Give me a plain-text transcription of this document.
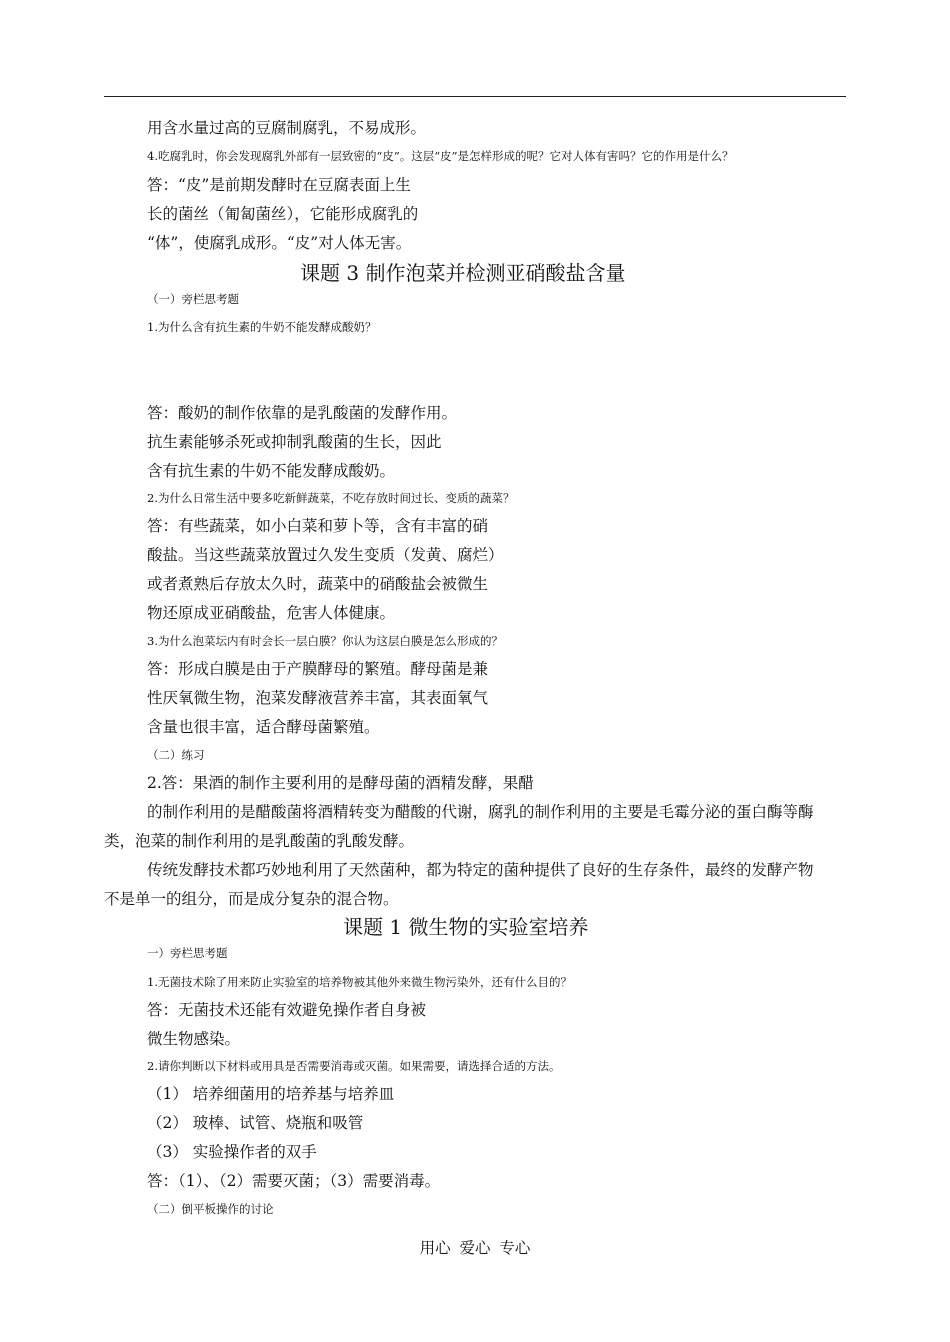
用含水量过高的豆腐制腐乳，不易成形。
4.吃腐乳时，你会发现腐乳外部有一层致密的“皮”。这层“皮”是怎样形成的呢？它对人体有害吗？它的作用是什么？
答：“皮”是前期发酵时在豆腐表面上生
长的菌丝（匍匐菌丝），它能形成腐乳的
“体”，使腐乳成形。“皮”对人体无害。
课题 3 制作泡菜并检测亚硝酸盐含量
（一）旁栏思考题
1.为什么含有抗生素的牛奶不能发酵成酸奶？
答：酸奶的制作依靠的是乳酸菌的发酵作用。
抗生素能够杀死或抑制乳酸菌的生长，因此
含有抗生素的牛奶不能发酵成酸奶。
2.为什么日常生活中要多吃新鲜蔬菜，不吃存放时间过长、变质的蔬菜？
答：有些蔬菜，如小白菜和萝卜等，含有丰富的硝
酸盐。当这些蔬菜放置过久发生变质（发黄、腐烂）
或者煮熟后存放太久时，蔬菜中的硝酸盐会被微生
物还原成亚硝酸盐，危害人体健康。
3.为什么泡菜坛内有时会长一层白膜？你认为这层白膜是怎么形成的？
答：形成白膜是由于产膜酵母的繁殖。酵母菌是兼
性厌氧微生物，泡菜发酵液营养丰富，其表面氧气
含量也很丰富，适合酵母菌繁殖。
（二）练习
2.答：果酒的制作主要利用的是酵母菌的酒精发酵，果醋
的制作利用的是醋酸菌将酒精转变为醋酸的代谢，腐乳的制作利用的主要是毛霉分泌的蛋白酶等酶
类，泡菜的制作利用的是乳酸菌的乳酸发酵。
传统发酵技术都巧妙地利用了天然菌种，都为特定的菌种提供了良好的生存条件，最终的发酵产物
不是单一的组分，而是成分复杂的混合物。
课题 1 微生物的实验室培养
一）旁栏思考题
1.无菌技术除了用来防止实验室的培养物被其他外来微生物污染外，还有什么目的？
答：无菌技术还能有效避免操作者自身被
微生物感染。
2.请你判断以下材料或用具是否需要消毒或灭菌。如果需要，请选择合适的方法。
（1） 培养细菌用的培养基与培养皿
（2） 玻棒、试管、烧瓶和吸管
（3） 实验操作者的双手
答：（1）、（2）需要灭菌；（3）需要消毒。
（二）倒平板操作的讨论
用心 爱心 专心
